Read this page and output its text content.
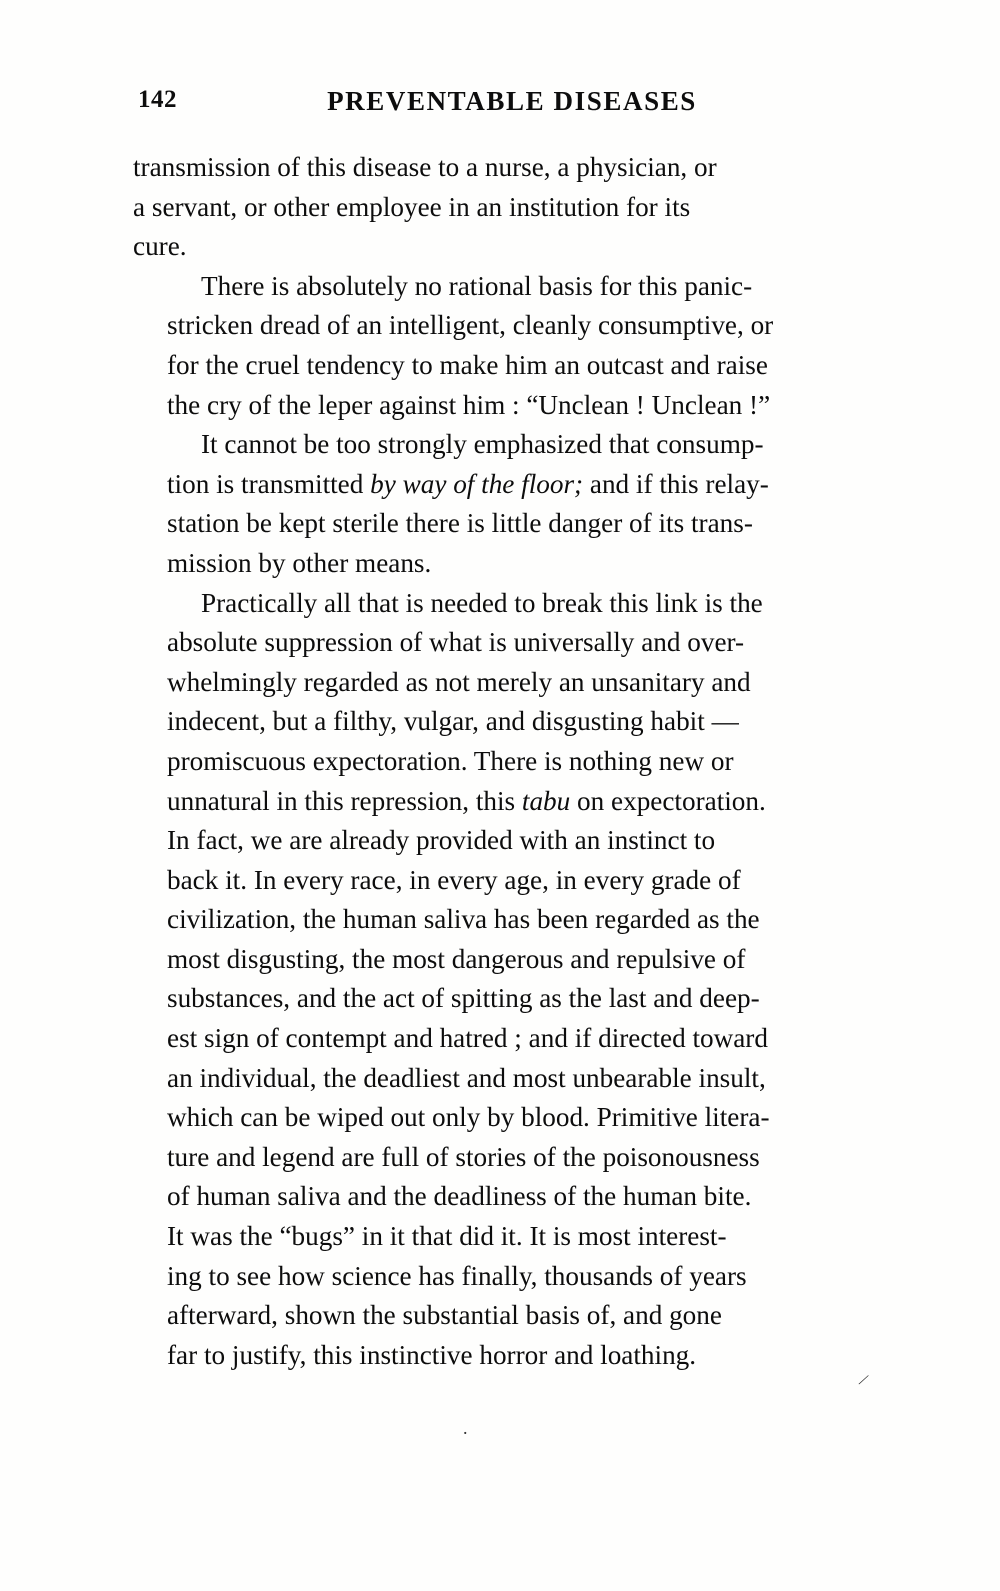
142	PREVENTABLE DISEASES

transmission of this disease to a nurse, a physician, or
a servant, or other employee in an institution for its
cure.

There is absolutely no rational basis for this panic-
stricken dread of an intelligent, cleanly consumptive, or
for the cruel tendency to make him an outcast and raise
the cry of the leper against him : “Unclean ! Unclean !”

It cannot be too strongly emphasized that consump-
tion is transmitted by way of the floor; and if this relay-
station be kept sterile there is little danger of its trans-
mission by other means.

Practically all that is needed to break this link is the
absolute suppression of what is universally and over-
whelmingly regarded as not merely an unsanitary and
indecent, but a filthy, vulgar, and disgusting habit —
promiscuous expectoration. There is nothing new or
unnatural in this repression, this tabu on expectoration.
In fact, we are already provided with an instinct to
back it. In every race, in every age, in every grade of
civilization, the human saliva has been regarded as the
most disgusting, the most dangerous and repulsive of
substances, and the act of spitting as the last and deep-
est sign of contempt and hatred ; and if directed toward
an individual, the deadliest and most unbearable insult,
which can be wiped out only by blood. Primitive litera-
ture and legend are full of stories of the poisonousness
of human saliva and the deadliness of the human bite.
It was the “bugs” in it that did it. It is most interest-
ing to see how science has finally, thousands of years
afterward, shown the substantial basis of, and gone
far to justify, this instinctive horror and loathing.

⁄
.
